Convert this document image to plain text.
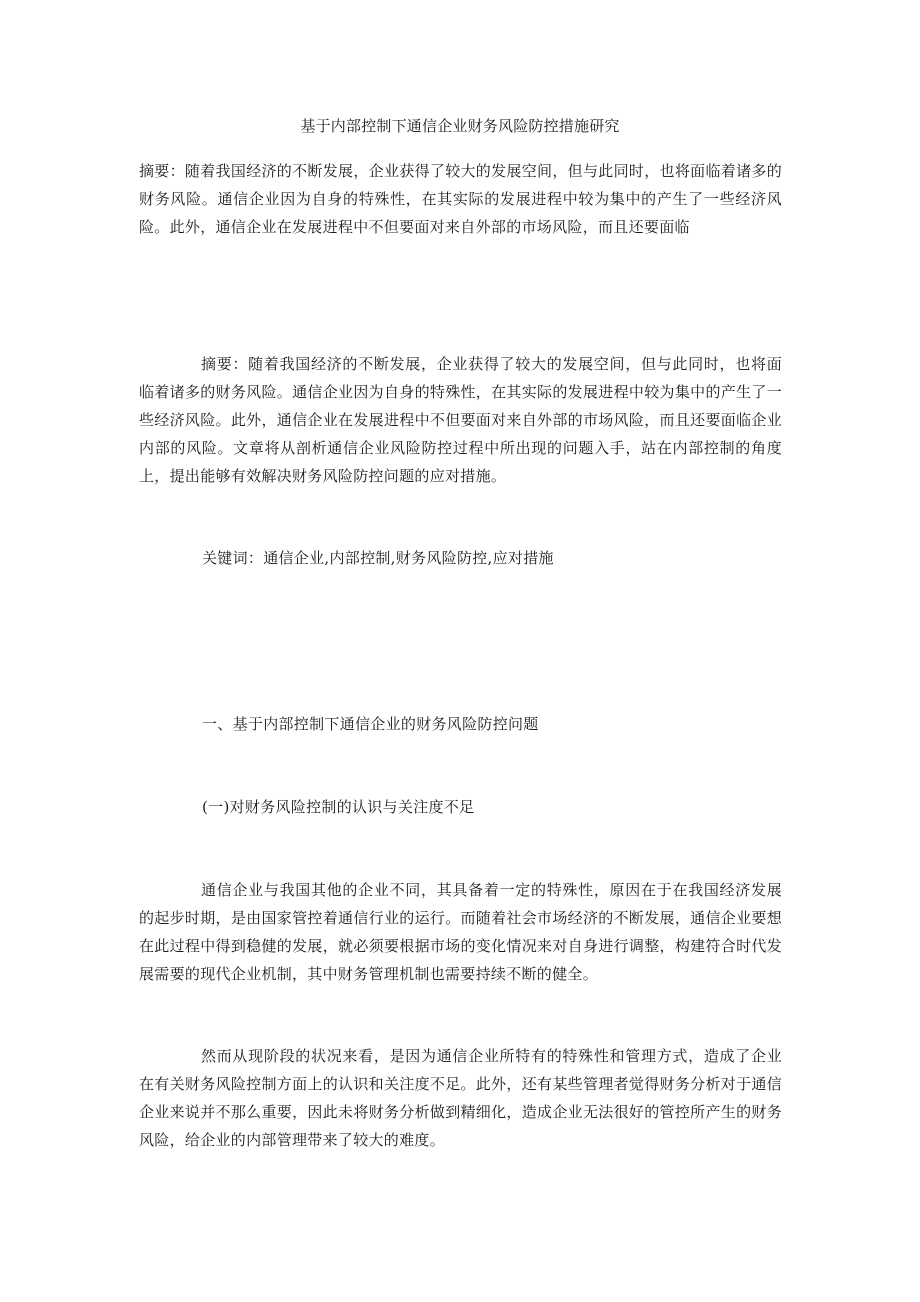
基于内部控制下通信企业财务风险防控措施研究
摘要：随着我国经济的不断发展，企业获得了较大的发展空间，但与此同时，也将面临着诸多的财务风险。通信企业因为自身的特殊性，在其实际的发展进程中较为集中的产生了一些经济风险。此外，通信企业在发展进程中不但要面对来自外部的市场风险，而且还要面临
摘要：随着我国经济的不断发展，企业获得了较大的发展空间，但与此同时，也将面临着诸多的财务风险。通信企业因为自身的特殊性，在其实际的发展进程中较为集中的产生了一些经济风险。此外，通信企业在发展进程中不但要面对来自外部的市场风险，而且还要面临企业内部的风险。文章将从剖析通信企业风险防控过程中所出现的问题入手，站在内部控制的角度上，提出能够有效解决财务风险防控问题的应对措施。
关键词：通信企业,内部控制,财务风险防控,应对措施
一、基于内部控制下通信企业的财务风险防控问题
(一)对财务风险控制的认识与关注度不足
通信企业与我国其他的企业不同，其具备着一定的特殊性，原因在于在我国经济发展的起步时期，是由国家管控着通信行业的运行。而随着社会市场经济的不断发展，通信企业要想在此过程中得到稳健的发展，就必须要根据市场的变化情况来对自身进行调整，构建符合时代发展需要的现代企业机制，其中财务管理机制也需要持续不断的健全。
然而从现阶段的状况来看，是因为通信企业所特有的特殊性和管理方式，造成了企业在有关财务风险控制方面上的认识和关注度不足。此外，还有某些管理者觉得财务分析对于通信企业来说并不那么重要，因此未将财务分析做到精细化，造成企业无法很好的管控所产生的财务风险，给企业的内部管理带来了较大的难度。
